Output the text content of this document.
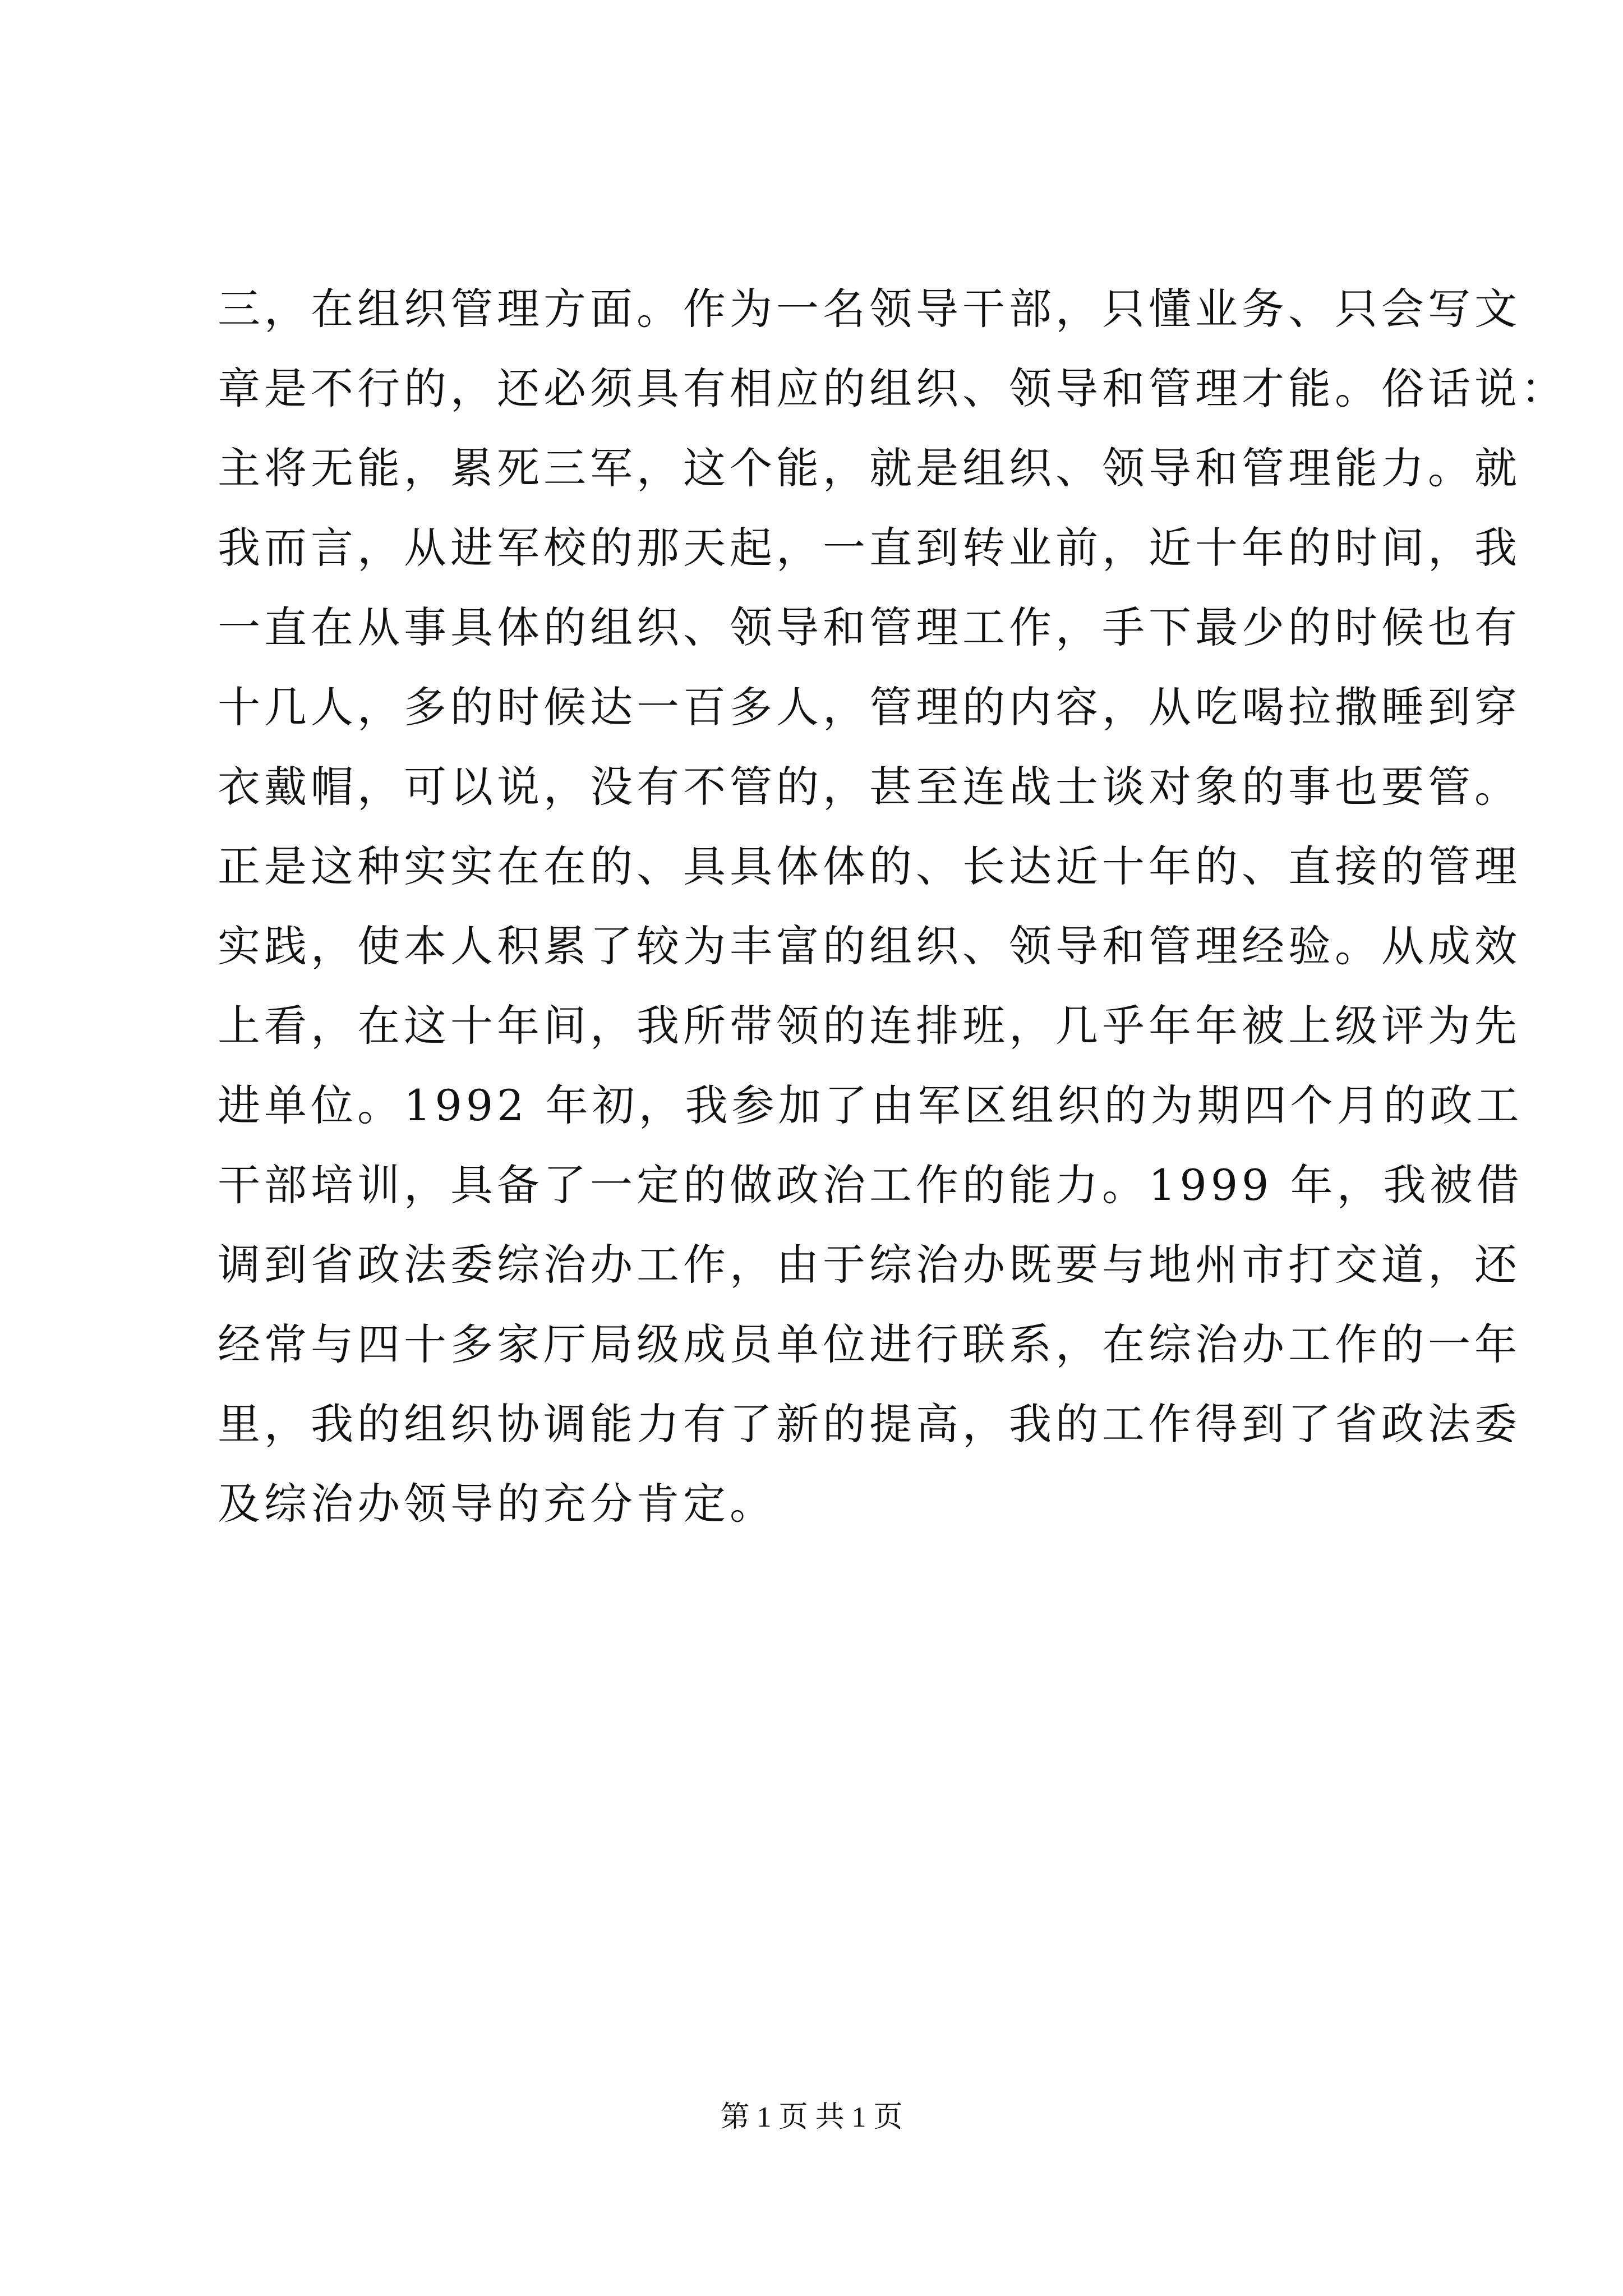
三，在组织管理方面。作为一名领导干部，只懂业务、只会写文
章是不行的，还必须具有相应的组织、领导和管理才能。俗话说：
主将无能，累死三军，这个能，就是组织、领导和管理能力。就
我而言，从进军校的那天起，一直到转业前，近十年的时间，我
一直在从事具体的组织、领导和管理工作，手下最少的时候也有
十几人，多的时候达一百多人，管理的内容，从吃喝拉撒睡到穿
衣戴帽，可以说，没有不管的，甚至连战士谈对象的事也要管。
正是这种实实在在的、具具体体的、长达近十年的、直接的管理
实践，使本人积累了较为丰富的组织、领导和管理经验。从成效
上看，在这十年间，我所带领的连排班，几乎年年被上级评为先
进单位。1992 年初，我参加了由军区组织的为期四个月的政工
干部培训，具备了一定的做政治工作的能力。1999 年，我被借
调到省政法委综治办工作，由于综治办既要与地州市打交道，还
经常与四十多家厅局级成员单位进行联系，在综治办工作的一年
里，我的组织协调能力有了新的提高，我的工作得到了省政法委
及综治办领导的充分肯定。
第 1 页 共 1 页
